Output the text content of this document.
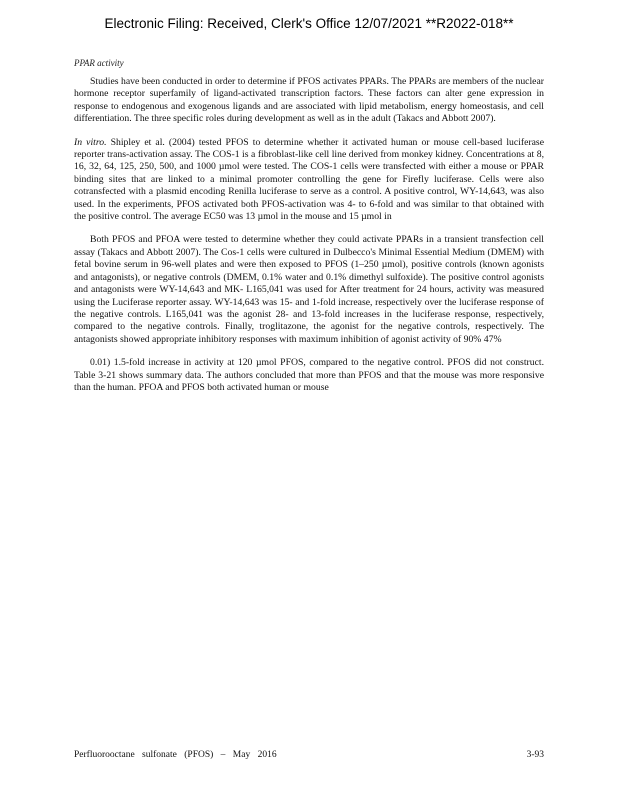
Electronic Filing: Received, Clerk's Office 12/07/2021 **R2022-018**
PPAR activity

Studies have been conducted in order to determine if PFOS activates PPARs. The PPARs are members of the nuclear hormone receptor superfamily of ligand-activated transcription factors. These factors can alter gene expression in response to endogenous and exogenous ligands and are associated with lipid metabolism, energy homeostasis, and cell differentiation. The three specific roles during development as well as in the adult (Takacs and Abbott 2007).

In vitro. Shipley et al. (2004) tested PFOS to determine whether it activated human or mouse cell-based luciferase reporter trans-activation assay. The COS-1 is a fibroblast-like cell line derived from monkey kidney. Concentrations at 8, 16, 32, 64, 125, 250, 500, and 1000 µmol were tested. The COS-1 cells were transfected with either a mouse or PPAR binding sites that are linked to a minimal promoter controlling the gene for Firefly luciferase. Cells were also cotransfected with a plasmid encoding Renilla luciferase to serve as a control. A positive control, WY-14,643, was also used. In the experiments, PFOS activated both PFOS-activation was 4- to 6-fold and was similar to that obtained with the positive control. The average EC50 was 13 µmol in the mouse and 15 µmol in

Both PFOS and PFOA were tested to determine whether they could activate PPARs in a transient transfection cell assay (Takacs and Abbott 2007). The Cos-1 cells were cultured in Dulbecco's Minimal Essential Medium (DMEM) with fetal bovine serum in 96-well plates and were then exposed to PFOS (1–250 µmol), positive controls (known agonists and antagonists), or negative controls (DMEM, 0.1% water and 0.1% dimethyl sulfoxide). The positive control agonists and antagonists were WY-14,643 and MK- L165,041 was used for After treatment for 24 hours, activity was measured using the Luciferase reporter assay. WY-14,643 was 15- and 1-fold increase, respectively over the luciferase response of the negative controls. L165,041 was the agonist 28- and 13-fold increases in the luciferase response, respectively, compared to the negative controls. Finally, troglitazone, the agonist for the negative controls, respectively. The antagonists showed appropriate inhibitory responses with maximum inhibition of agonist activity of 90% 47%

0.01) 1.5-fold increase in activity at 120 µmol PFOS, compared to the negative control. PFOS did not construct. Table 3-21 shows summary data. The authors concluded that more than PFOS and that the mouse was more responsive than the human. PFOA and PFOS both activated human or mouse

Perfluorooctane sulfonate (PFOS) – May 2016	3-93
